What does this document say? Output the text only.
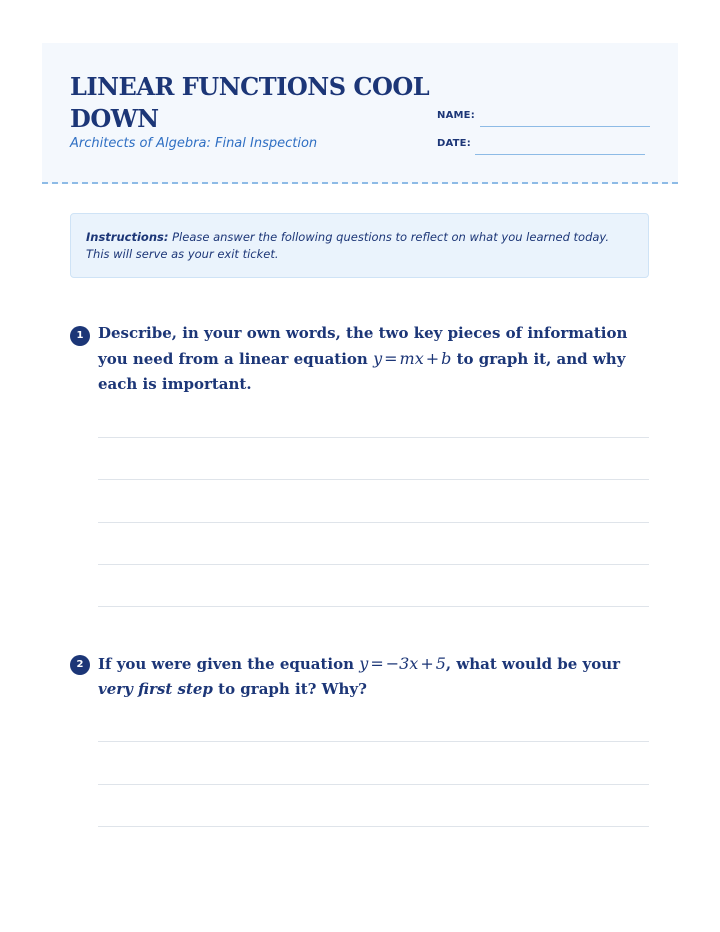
LINEAR FUNCTIONS COOL DOWN
Architects of Algebra: Final Inspection
NAME:
DATE:
Instructions: Please answer the following questions to reflect on what you learned today. This will serve as your exit ticket.
1 Describe, in your own words, the two key pieces of information you need from a linear equation y = mx + b to graph it, and why each is important.

2 If you were given the equation y = −3x + 5, what would be your very first step to graph it? Why?
